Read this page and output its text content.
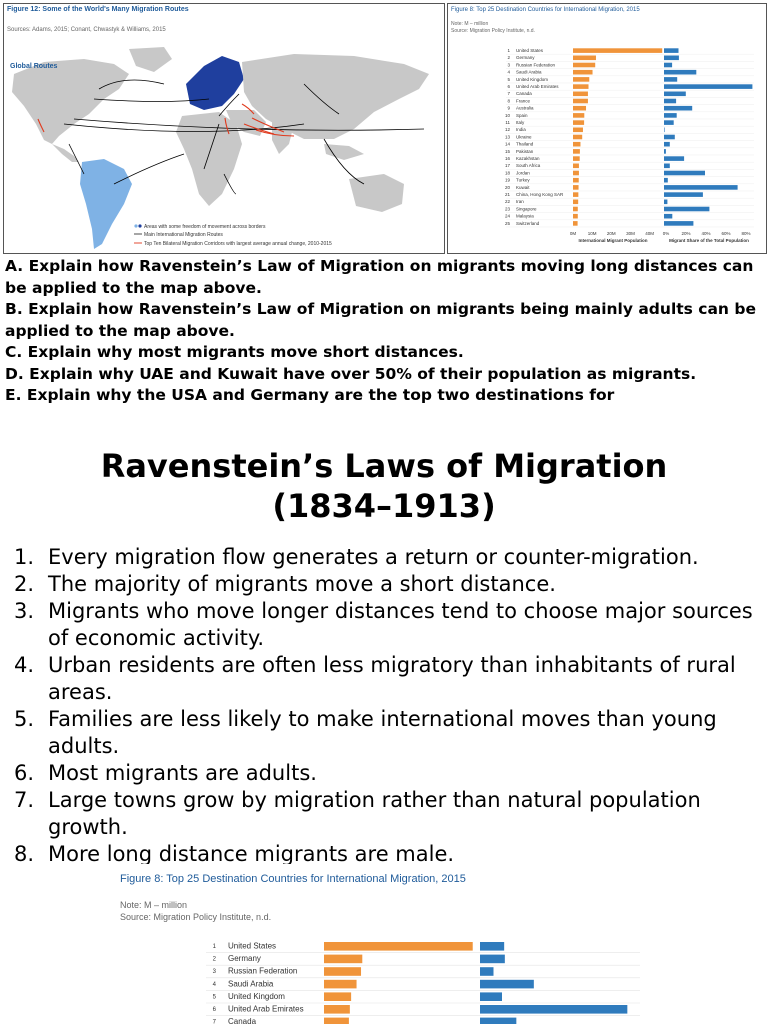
Figure 12: Some of the World's Many Migration Routes
Sources: Adams, 2015; Conant, Chwastyk & Williams, 2015
Global Routes
Areas with some freedom of movement across borders
Main International Migration Routes
Top Ten Bilateral Migration Corridors with largest average annual change, 2010-2015
1 United States
2 Germany
3 Russian Federation
4 Saudi Arabia
5 United Kingdom
6 United Arab Emirates
7 Canada
8 France
9 Australia
10 Spain
11 Italy
12 India
13 Ukraine
14 Thailand
15 Pakistan
16 Kazakhstan
17 South Africa
18 Jordan
19 Turkey
20 Kuwait
21 China, Hong Kong SAR
22 Iran
23 Singapore
24 Malaysia
25 Switzerland
0M	10M 20M 30M 40M 0%	20% 40% 60% 80%
International Migrant Population	Migrant Share of the Total Population
Figure 8: Top 25 Destination Countries for International Migration, 2015
Note: M – million
Source: Migration Policy Institute, n.d.

A. Explain how Ravenstein’s Law of Migration on migrants moving long distances can be applied to the map above.

B. Explain how Ravenstein’s Law of Migration on migrants being mainly adults can be applied to the map above.

C. Explain why most migrants move short distances.

D. Explain why UAE and Kuwait have over 50% of their population as migrants.

E. Explain why the USA and Germany are the top two destinations for

Ravenstein’s Laws of Migration
(1834–1913)
1. Every migration flow generates a return or counter-migration.
2. The majority of migrants move a short distance.
3. Migrants who move longer distances tend to choose major sources of economic activity.
4. Urban residents are often less migratory than inhabitants of rural areas.
5. Families are less likely to make international moves than young adults.
6. Most migrants are adults.
7. Large towns grow by migration rather than natural population growth.
8. More long distance migrants are male.
1 United States
2 Germany
3 Russian Federation
4 Saudi Arabia
5 United Kingdom
6 United Arab Emirates
7 Canada
Figure 8: Top 25 Destination Countries for International Migration, 2015
Note: M – million
Source: Migration Policy Institute, n.d.
